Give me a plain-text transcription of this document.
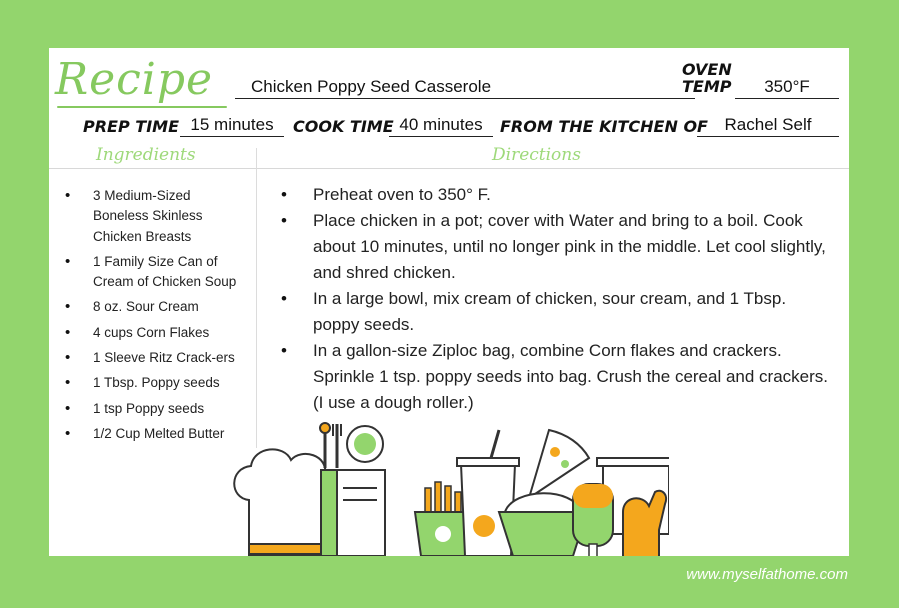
Recipe	Chicken Poppy Seed Casserole
OVEN
TEMP	350°F
PREP TIME 15 minutes	COOK TIME 40 minutes	FROM THE KITCHEN OF Rachel Self
Ingredients	Directions
• 3 Medium-Sized Boneless Skinless Chicken Breasts
• 1 Family Size Can of Cream of Chicken Soup
• 8 oz. Sour Cream
• 4 cups Corn Flakes
• 1 Sleeve Ritz Crack-ers
• 1 Tbsp. Poppy seeds
• 1 tsp Poppy seeds
• 1/2 Cup Melted Butter
• Preheat oven to 350° F.
• Place chicken in a pot; cover with Water and bring to a boil. Cook about 10 minutes, until no longer pink in the middle. Let cool slightly, and shred chicken.
• In a large bowl, mix cream of chicken, sour cream, and 1 Tbsp. poppy seeds.
• In a gallon-size Ziploc bag, combine Corn flakes and crackers. Sprinkle 1 tsp. poppy seeds into bag. Crush the cereal and crackers. (I use a dough roller.)
www.myselfathome.com
